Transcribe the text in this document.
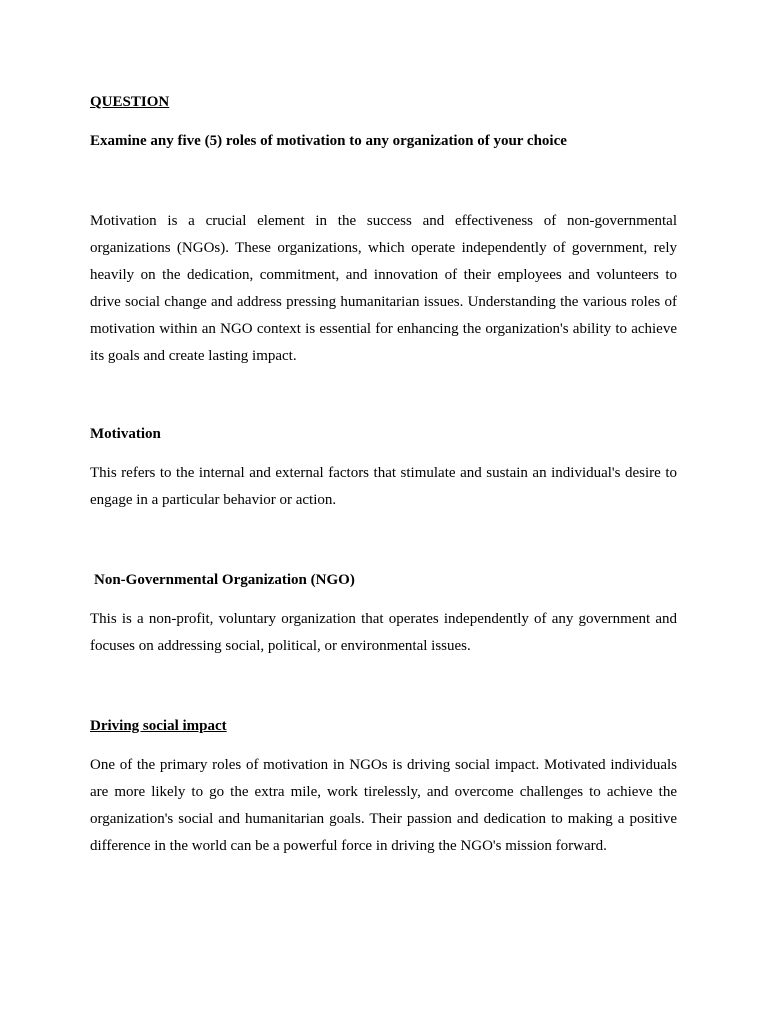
QUESTION

Examine any five (5) roles of motivation to any organization of your choice

Motivation is a crucial element in the success and effectiveness of non-governmental organizations (NGOs). These organizations, which operate independently of government, rely heavily on the dedication, commitment, and innovation of their employees and volunteers to drive social change and address pressing humanitarian issues. Understanding the various roles of motivation within an NGO context is essential for enhancing the organization's ability to achieve its goals and create lasting impact.

Motivation

This refers to the internal and external factors that stimulate and sustain an individual's desire to engage in a particular behavior or action.

Non-Governmental Organization (NGO)

This is a non-profit, voluntary organization that operates independently of any government and focuses on addressing social, political, or environmental issues.

Driving social impact

One of the primary roles of motivation in NGOs is driving social impact. Motivated individuals are more likely to go the extra mile, work tirelessly, and overcome challenges to achieve the organization's social and humanitarian goals. Their passion and dedication to making a positive difference in the world can be a powerful force in driving the NGO's mission forward.
